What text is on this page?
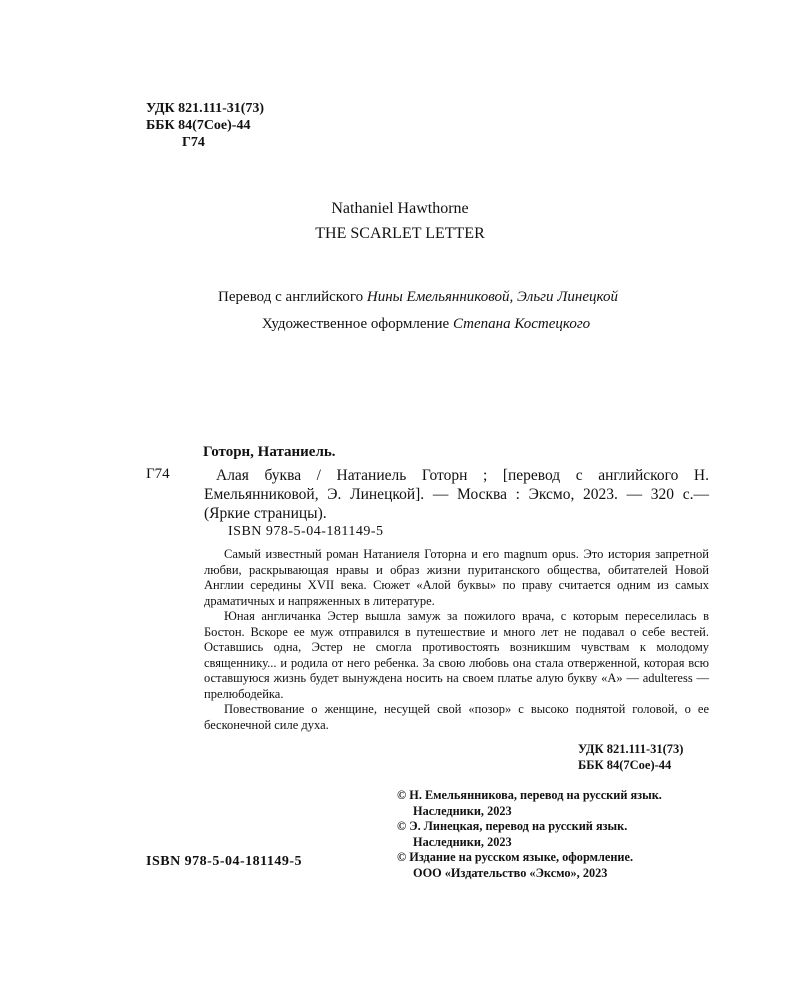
УДК 821.111-31(73)
ББК 84(7Сое)-44
Г74
Nathaniel Hawthorne
THE SCARLET LETTER
Перевод с английского Нины Емельянниковой, Эльги Линецкой
Художественное оформление Степана Костецкого
Готорн, Натаниель.
Г74	Алая буква / Натаниель Готорн ; [перевод с английского Н. Емельянниковой, Э. Линецкой]. — Москва : Эксмо, 2023. — 320 с.— (Яркие страницы).
ISBN 978-5-04-181149-5

Самый известный роман Натаниеля Готорна и его magnum opus. Это история запретной любви, раскрывающая нравы и образ жизни пуританского общества, обитателей Новой Англии середины XVII века. Сюжет «Алой буквы» по праву считается одним из самых драматичных и напряженных в литературе.

Юная англичанка Эстер вышла замуж за пожилого врача, с которым переселилась в Бостон. Вскоре ее муж отправился в путешествие и много лет не подавал о себе вестей. Оставшись одна, Эстер не смогла противостоять возникшим чувствам к молодому священнику... и родила от него ребенка. За свою любовь она стала отверженной, которая всю оставшуюся жизнь будет вынуждена носить на своем платье алую букву «А» — adulteress — прелюбодейка.

Повествование о женщине, несущей свой «позор» с высоко поднятой головой, о ее бесконечной силе духа.

УДК 821.111-31(73)
ББК 84(7Сое)-44
© Н. Емельянникова, перевод на русский язык.
Наследники, 2023
© Э. Линецкая, перевод на русский язык.
Наследники, 2023
© Издание на русском языке, оформление.
ООО «Издательство «Эксмо», 2023
ISBN 978-5-04-181149-5
